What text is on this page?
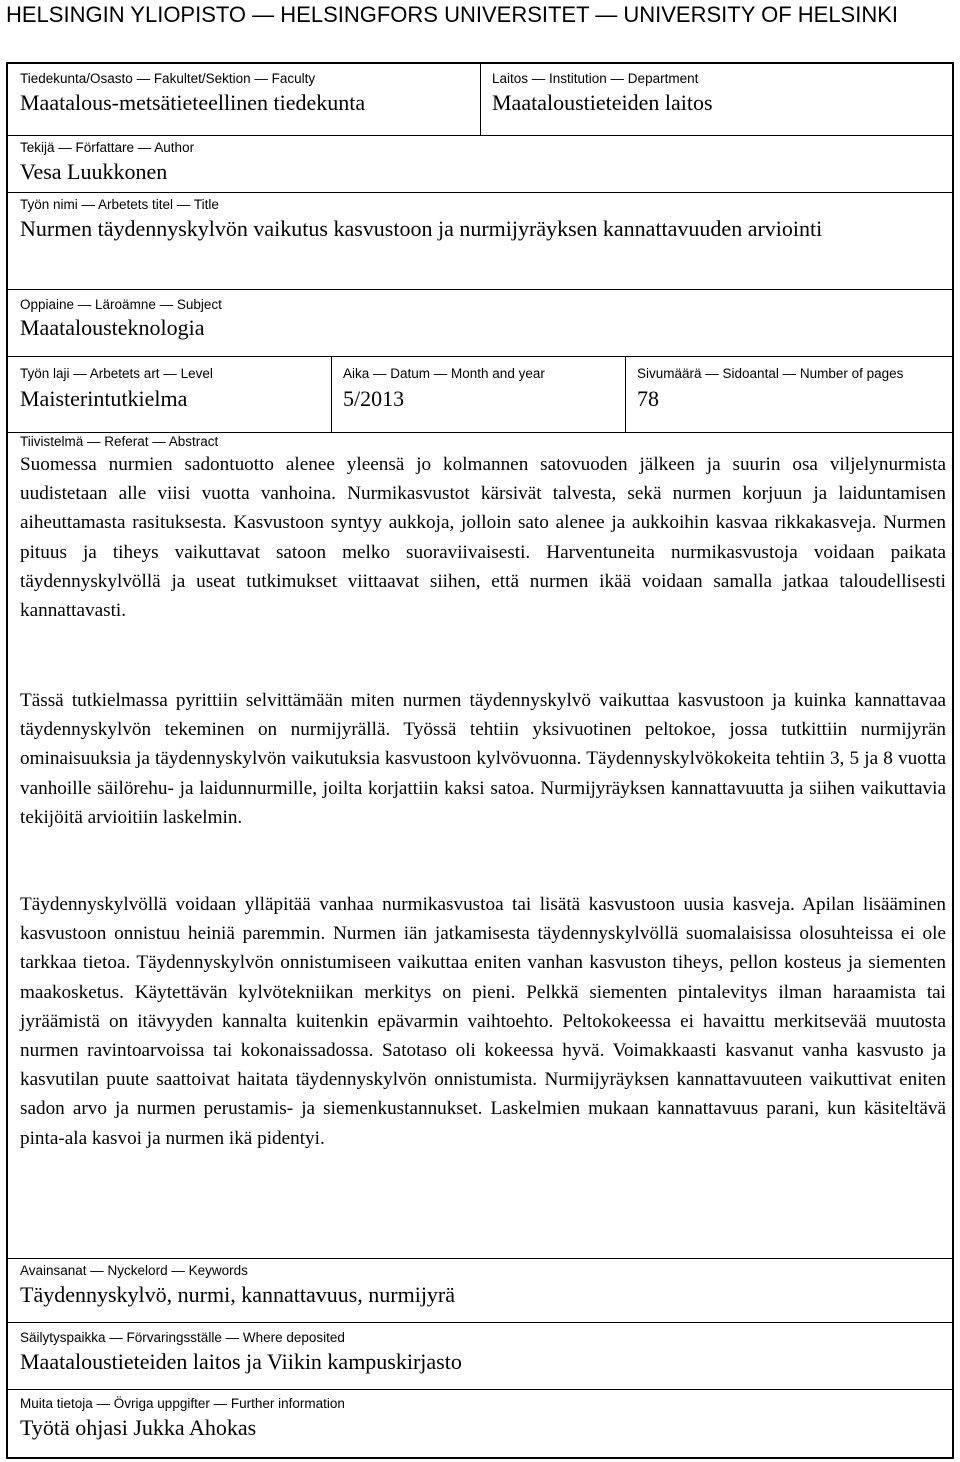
HELSINGIN YLIOPISTO — HELSINGFORS UNIVERSITET — UNIVERSITY OF HELSINKI
Tiedekunta/Osasto — Fakultet/Sektion — Faculty
Maatalous-metsätieteellinen tiedekunta
Laitos — Institution — Department
Maataloustieteiden laitos
Tekijä — Författare — Author
Vesa Luukkonen
Työn nimi — Arbetets titel — Title
Nurmen täydennyskylvön vaikutus kasvustoon ja nurmijyräyksen kannattavuuden arviointi
Oppiaine — Läroämne — Subject
Maatalousteknologia
Työn laji — Arbetets art — Level
Maisterintutkielma
Aika — Datum — Month and year
5/2013
Sivumäärä — Sidoantal — Number of pages
78
Tiivistelmä — Referat — Abstract

Suomessa nurmien sadontuotto alenee yleensä jo kolmannen satovuoden jälkeen ja suurin osa viljelynurmista uudistetaan alle viisi vuotta vanhoina. Nurmikasvustot kärsivät talvesta, sekä nurmen korjuun ja laiduntamisen aiheuttamasta rasituksesta. Kasvustoon syntyy aukkoja, jolloin sato alenee ja aukkoihin kasvaa rikkakasveja. Nurmen pituus ja tiheys vaikuttavat satoon melko suoraviivaisesti. Harventuneita nurmikasvustoja voidaan paikata täydennyskylvöllä ja useat tutkimukset viittaavat siihen, että nurmen ikää voidaan samalla jatkaa taloudellisesti kannattavasti.

Tässä tutkielmassa pyrittiin selvittämään miten nurmen täydennyskylvö vaikuttaa kasvustoon ja kuinka kannattavaa täydennyskylvön tekeminen on nurmijyrällä. Työssä tehtiin yksivuotinen peltokoe, jossa tutkittiin nurmijyrän ominaisuuksia ja täydennyskylvön vaikutuksia kasvustoon kylvövuonna. Täydennyskylvökokeita tehtiin 3, 5 ja 8 vuotta vanhoille säilörehu- ja laidunnurmille, joilta korjattiin kaksi satoa. Nurmijyräyksen kannattavuutta ja siihen vaikuttavia tekijöitä arvioitiin laskelmin.

Täydennyskylvöllä voidaan ylläpitää vanhaa nurmikasvustoa tai lisätä kasvustoon uusia kasveja. Apilan lisääminen kasvustoon onnistuu heiniä paremmin. Nurmen iän jatkamisesta täydennyskylvöllä suomalaisissa olosuhteissa ei ole tarkkaa tietoa. Täydennyskylvön onnistumiseen vaikuttaa eniten vanhan kasvuston tiheys, pellon kosteus ja siementen maakosketus. Käytettävän kylvötekniikan merkitys on pieni. Pelkkä siementen pintalevitys ilman haraamista tai jyräämistä on itävyyden kannalta kuitenkin epävarmin vaihtoehto. Peltokokeessa ei havaittu merkitsevää muutosta nurmen ravintoarvoissa tai kokonaissadossa. Satotaso oli kokeessa hyvä. Voimakkaasti kasvanut vanha kasvusto ja kasvutilan puute saattoivat haitata täydennyskylvön onnistumista. Nurmijyräyksen kannattavuuteen vaikuttivat eniten sadon arvo ja nurmen perustamis- ja siemenkustannukset. Laskelmien mukaan kannattavuus parani, kun käsiteltävä pinta-ala kasvoi ja nurmen ikä pidentyi.

Avainsanat — Nyckelord — Keywords
Täydennyskylvö, nurmi, kannattavuus, nurmijyrä
Säilytyspaikka — Förvaringsställe — Where deposited
Maataloustieteiden laitos ja Viikin kampuskirjasto
Muita tietoja — Övriga uppgifter — Further information
Työtä ohjasi Jukka Ahokas
